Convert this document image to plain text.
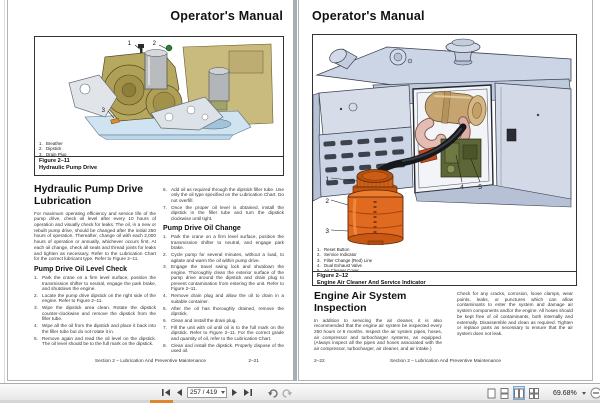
Operator's Manual
1	2
3
1. Breather
2. Dipstick
3. Drain Plug
Figure 2–11
Hydraulic Pump Drive
Hydraulic Pump Drive Lubrication

For maximum operating efficiency and service life of the pump drive, check oil level after every 10 hours of operation and visually check for leaks. The oil, in a new or rebuilt pump drive, should be changed after the initial 250 hours of operation. Thereafter, change oil with each 2,000 hours of operation or annually, whichever occurs first. At each oil change, check all seals and thread joints for leaks and tighten as necessary. Refer to the Lubrication Chart for the correct lubricant type. Refer to Figure 2–11.

Pump Drive Oil Level Check
1. Park the crane on a firm level surface, position the transmission shifter to neutral, engage the park brake, and shutdown the engine.
2. Locate the pump drive dipstick on the right side of the engine. Refer to Figure 2–11.
3. Wipe the dipstick area clean. Rotate the dipstick counter-clockwise and remove the dipstick from the filler tube.
4. Wipe all the oil from the dipstick and place it back into the filler tube but do not rotate it in.
5. Remove again and read the oil level on the dipstick. The oil level should be to the full mark on the dipstick.
6. Add oil as required through the dipstick filler tube. Use only the oil type specified on the Lubrication Chart. Do not overfill.
7. Once the proper oil level is obtained, install the dipstick in the filler tube and turn the dipstick clockwise until tight.
Pump Drive Oil Change
1. Park the crane on a firm level surface, position the transmission shifter to neutral, and engage park brake.
2. Cycle pump for several minutes, without a load, to agitate and warm the oil within pump drive.
3. Engage the travel swing lock and shutdown the engine. Thoroughly clean the exterior surface of the pump drive around the dipstick and drain plug to prevent contamination from entering the unit. Refer to Figure 2–11.
4. Remove drain plug and allow the oil to drain in a suitable container.
5. After the oil has thoroughly drained, remove the dipstick.
6. Clean and install the drain plug.
7. Fill the unit with oil until oil is to the full mark on the dipstick. Refer to Figure 2–11. For the correct grade and quantity of oil, refer to the Lubrication Chart.
8. Clean and install the dipstick. Properly dispose of the used oil.
Section 2 – Lubrication And Preventive Maintenance	2–21
Operator's Manual
1
2
3
4 5
1. Reset Button
2. Service Indicator
3. Filter Change (Red) Line
4. Dual Exhaust Valve
5. Air Cleaner Cover
Figure 2–12
Engine Air Cleaner And Service Indicator
Engine Air System Inspection

In addition to servicing the air cleaner, it is also recommended that the engine air system be inspected every 250 hours or 6 months. Inspect the air system pipes, hoses, air compressor and turbocharger systems, as equipped. (Always inspect all the pipes and hoses associated with the air compressor, turbocharger, air cleaner, and air intake.)

Check for any cracks, corrosion, loose clamps, wear points, leaks, or punctures which can allow contaminants to enter the system and damage air system components and/or the engine. All hoses should be kept free of oil contaminants, both internally and externally. Disassemble and clean as required. Tighten or replace parts as necessary to ensure that the air system does not leak.

Section 2 – Lubrication And Preventive Maintenance
2–22
257 / 419
69.68%
